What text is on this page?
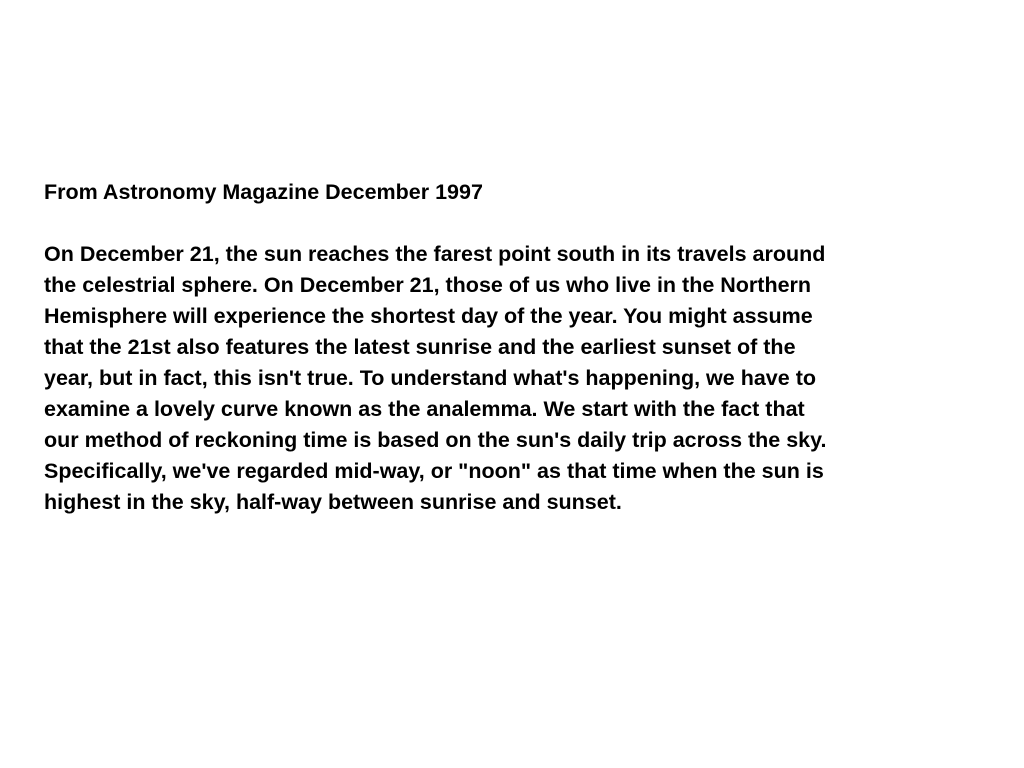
From Astronomy Magazine December 1997

On December 21, the sun reaches the farest point south in its travels around

the celestrial sphere. On December 21, those of us who live in the Northern

Hemisphere will experience the shortest day of the year. You might assume

that the 21st also features the latest sunrise and the earliest sunset of the

year, but in fact, this isn't true. To understand what's happening, we have to

examine a lovely curve known as the analemma. We start with the fact that

our method of reckoning time is based on the sun's daily trip across the sky.

Specifically, we've regarded mid-way, or "noon" as that time when the sun is

highest in the sky, half-way between sunrise and sunset.
